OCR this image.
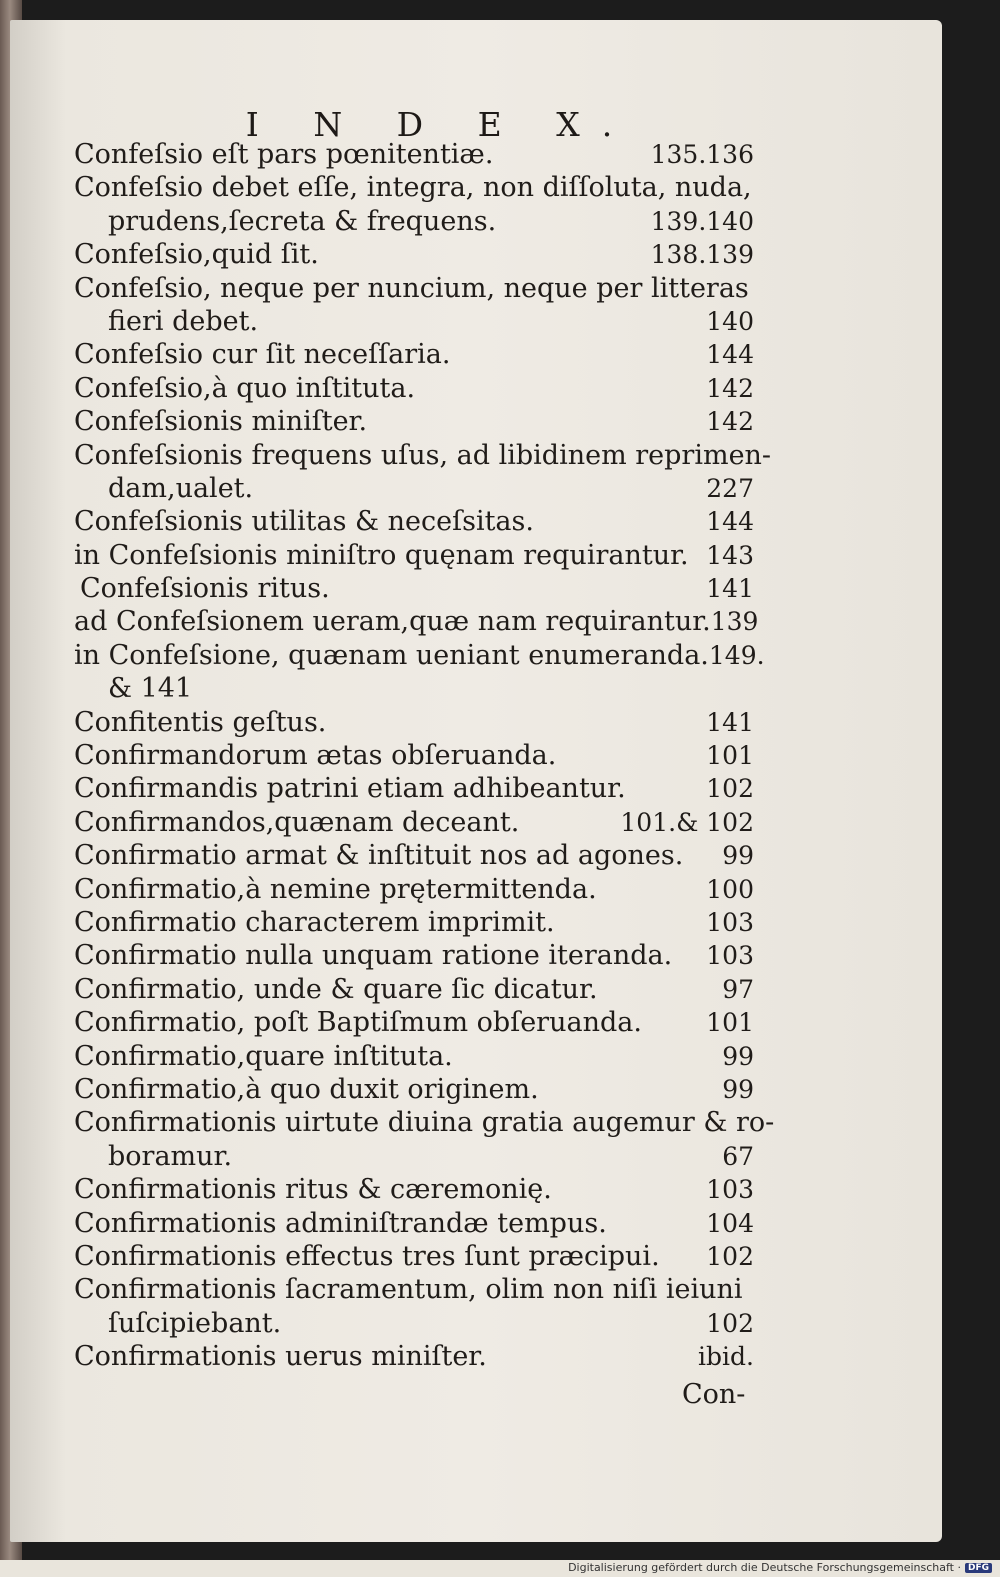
I N D E X.
Confeſsio eſt pars pœnitentiæ.	135.136
Confeſsio debet eſſe, integra, non diſſoluta, nuda,
prudens,ſecreta & frequens.	139.140
Confeſsio,quid ſit.	138.139
Confeſsio, neque per nuncium, neque per litteras
fieri debet.	140
Confeſsio cur ſit neceſſaria.	144
Confeſsio,à quo inſtituta.	142
Confeſsionis miniſter.	142
Confeſsionis frequens uſus, ad libidinem reprimen-
dam,ualet.	227
Confeſsionis utilitas & neceſsitas.	144
in Confeſsionis miniſtro quęnam requirantur. 143
Confeſsionis ritus.	141
ad Confeſsionem ueram,quæ nam requirantur. 139
in Confeſsione, quænam ueniant enumeranda. 149.
& 141
Confitentis geſtus.	141
Confirmandorum ætas obſeruanda.	101
Confirmandis patrini etiam adhibeantur.	102
Confirmandos,quænam deceant.	101.& 102
Confirmatio armat & inſtituit nos ad agones. 99
Confirmatio,à nemine prętermittenda.	100
Confirmatio characterem imprimit.	103
Confirmatio nulla unquam ratione iteranda. 103
Confirmatio, unde & quare ſic dicatur.	97
Confirmatio, poſt Baptiſmum obſeruanda.	101
Confirmatio,quare inſtituta.	99
Confirmatio,à quo duxit originem.	99
Confirmationis uirtute diuina gratia augemur & ro-
boramur.	67
Confirmationis ritus & cæremonię.	103
Confirmationis adminiſtrandæ tempus.	104
Confirmationis effectus tres ſunt præcipui. 102
Confirmationis ſacramentum, olim non niſi ieiuni
ſuſcipiebant.	102
Confirmationis uerus miniſter.	ibid.
Con-
Digitalisierung gefördert durch die Deutsche Forschungsgemeinschaft · DFG
